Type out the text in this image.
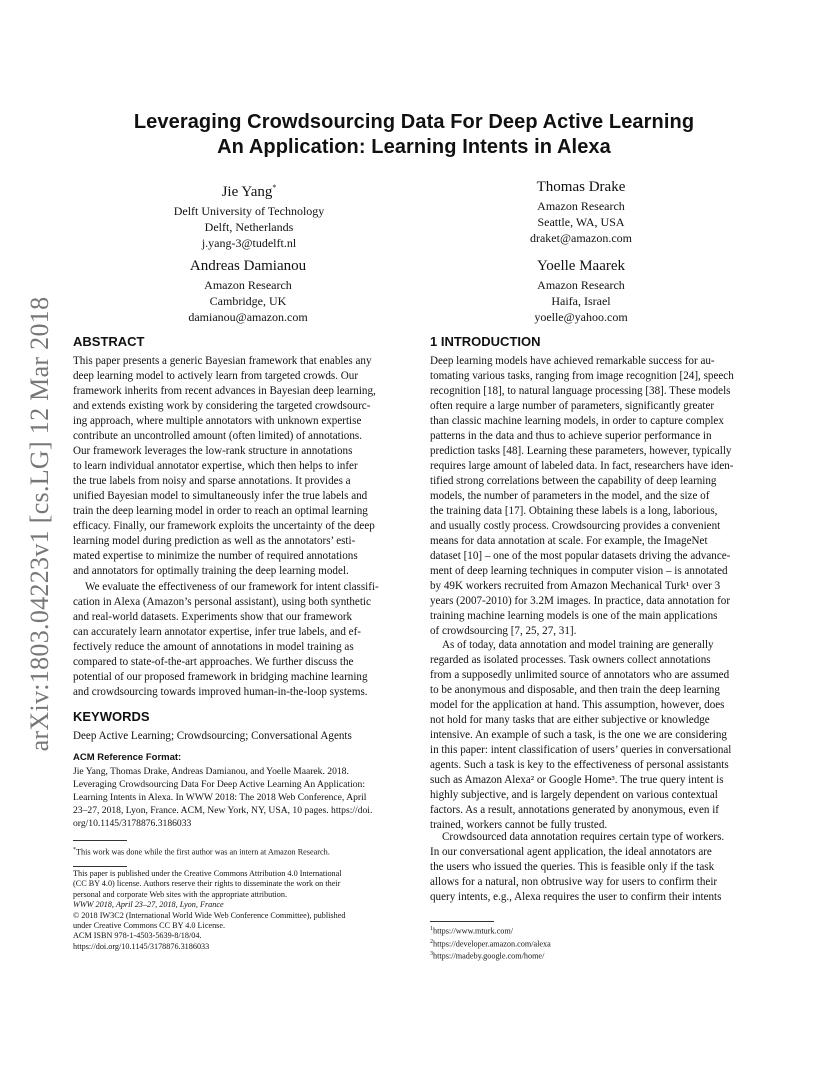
arXiv:1803.04223v1 [cs.LG] 12 Mar 2018
Leveraging Crowdsourcing Data For Deep Active Learning
An Application: Learning Intents in Alexa
Jie Yang*
Delft University of Technology
Delft, Netherlands
j.yang-3@tudelft.nl
Thomas Drake
Amazon Research
Seattle, WA, USA
draket@amazon.com
Andreas Damianou
Amazon Research
Cambridge, UK
damianou@amazon.com
Yoelle Maarek
Amazon Research
Haifa, Israel
yoelle@yahoo.com
ABSTRACT
This paper presents a generic Bayesian framework that enables any
deep learning model to actively learn from targeted crowds. Our
framework inherits from recent advances in Bayesian deep learning,
and extends existing work by considering the targeted crowdsourc-
ing approach, where multiple annotators with unknown expertise
contribute an uncontrolled amount (often limited) of annotations.
Our framework leverages the low-rank structure in annotations
to learn individual annotator expertise, which then helps to infer
the true labels from noisy and sparse annotations. It provides a
unified Bayesian model to simultaneously infer the true labels and
train the deep learning model in order to reach an optimal learning
efficacy. Finally, our framework exploits the uncertainty of the deep
learning model during prediction as well as the annotators’ esti-
mated expertise to minimize the number of required annotations
and annotators for optimally training the deep learning model.
We evaluate the effectiveness of our framework for intent classifi-
cation in Alexa (Amazon’s personal assistant), using both synthetic
and real-world datasets. Experiments show that our framework
can accurately learn annotator expertise, infer true labels, and ef-
fectively reduce the amount of annotations in model training as
compared to state-of-the-art approaches. We further discuss the
potential of our proposed framework in bridging machine learning
and crowdsourcing towards improved human-in-the-loop systems.
KEYWORDS
Deep Active Learning; Crowdsourcing; Conversational Agents
ACM Reference Format:
Jie Yang, Thomas Drake, Andreas Damianou, and Yoelle Maarek. 2018.
Leveraging Crowdsourcing Data For Deep Active Learning An Application:
Learning Intents in Alexa. In WWW 2018: The 2018 Web Conference, April
23–27, 2018, Lyon, France. ACM, New York, NY, USA, 10 pages. https://doi.
org/10.1145/3178876.3186033
*This work was done while the first author was an intern at Amazon Research.
This paper is published under the Creative Commons Attribution 4.0 International
(CC BY 4.0) license. Authors reserve their rights to disseminate the work on their
personal and corporate Web sites with the appropriate attribution.
WWW 2018, April 23–27, 2018, Lyon, France
© 2018 IW3C2 (International World Wide Web Conference Committee), published
under Creative Commons CC BY 4.0 License.
ACM ISBN 978-1-4503-5639-8/18/04.
https://doi.org/10.1145/3178876.3186033
1 INTRODUCTION
Deep learning models have achieved remarkable success for au-
tomating various tasks, ranging from image recognition [24], speech
recognition [18], to natural language processing [38]. These models
often require a large number of parameters, significantly greater
than classic machine learning models, in order to capture complex
patterns in the data and thus to achieve superior performance in
prediction tasks [48]. Learning these parameters, however, typically
requires large amount of labeled data. In fact, researchers have iden-
tified strong correlations between the capability of deep learning
models, the number of parameters in the model, and the size of
the training data [17]. Obtaining these labels is a long, laborious,
and usually costly process. Crowdsourcing provides a convenient
means for data annotation at scale. For example, the ImageNet
dataset [10] – one of the most popular datasets driving the advance-
ment of deep learning techniques in computer vision – is annotated
by 49K workers recruited from Amazon Mechanical Turk¹ over 3
years (2007-2010) for 3.2M images. In practice, data annotation for
training machine learning models is one of the main applications
of crowdsourcing [7, 25, 27, 31].
As of today, data annotation and model training are generally
regarded as isolated processes. Task owners collect annotations
from a supposedly unlimited source of annotators who are assumed
to be anonymous and disposable, and then train the deep learning
model for the application at hand. This assumption, however, does
not hold for many tasks that are either subjective or knowledge
intensive. An example of such a task, is the one we are considering
in this paper: intent classification of users’ queries in conversational
agents. Such a task is key to the effectiveness of personal assistants
such as Amazon Alexa² or Google Home³. The true query intent is
highly subjective, and is largely dependent on various contextual
factors. As a result, annotations generated by anonymous, even if
trained, workers cannot be fully trusted.
Crowdsourced data annotation requires certain type of workers.
In our conversational agent application, the ideal annotators are
the users who issued the queries. This is feasible only if the task
allows for a natural, non obtrusive way for users to confirm their
query intents, e.g., Alexa requires the user to confirm their intents
$^1$https://www.mturk.com/
$^2$https://developer.amazon.com/alexa
$^3$https://madeby.google.com/home/
